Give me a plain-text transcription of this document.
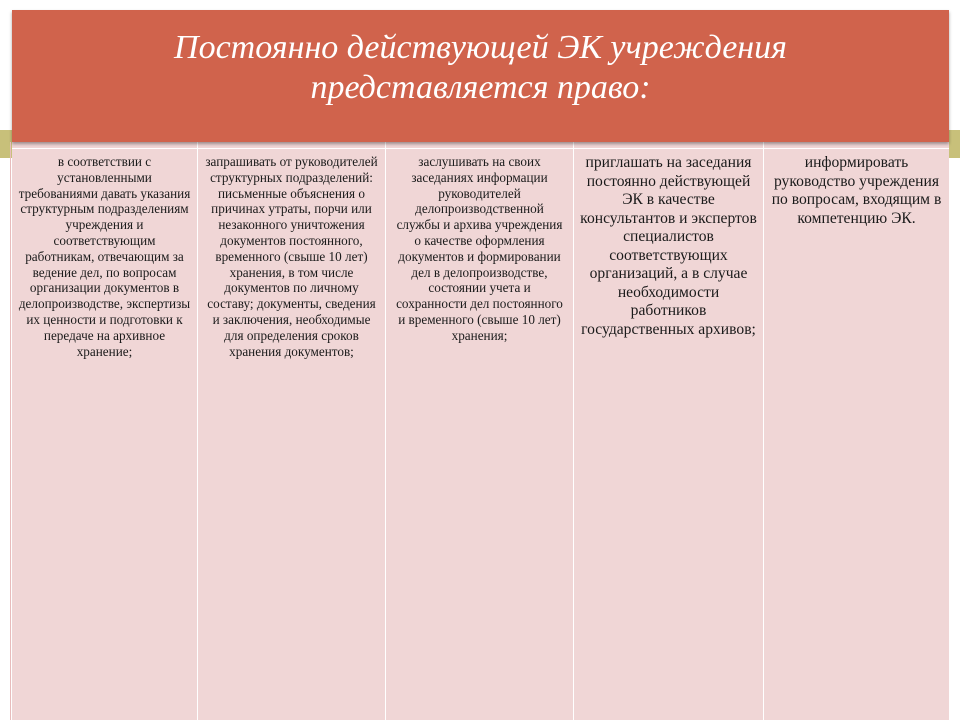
Постоянно действующей ЭК учреждения
представляется право:
в соответствии с установленными требованиями давать указания структурным подразделениям учреждения и соответствующим работникам, отвечающим за ведение дел, по вопросам организации документов в делопроизводстве, экспертизы их ценности и подготовки к передаче на архивное хранение;
запрашивать от руководителей структурных подразделений: письменные объяснения о причинах утраты, порчи или незаконного уничтожения документов постоянного, временного (свыше 10 лет) хранения, в том числе документов по личному составу; документы, сведения и заключения, необходимые для определения сроков хранения документов;
заслушивать на своих заседаниях информации руководителей делопроизводственной службы и архива учреждения о качестве оформления документов и формировании дел в делопроизводстве, состоянии учета и сохранности дел постоянного и временного (свыше 10 лет) хранения;
приглашать на заседания постоянно действующей ЭК в качестве консультантов и экспертов специалистов соответствующих организаций, а в случае необходимости работников государственных архивов;
информировать руководство учреждения по вопросам, входящим в компетенцию ЭК.
